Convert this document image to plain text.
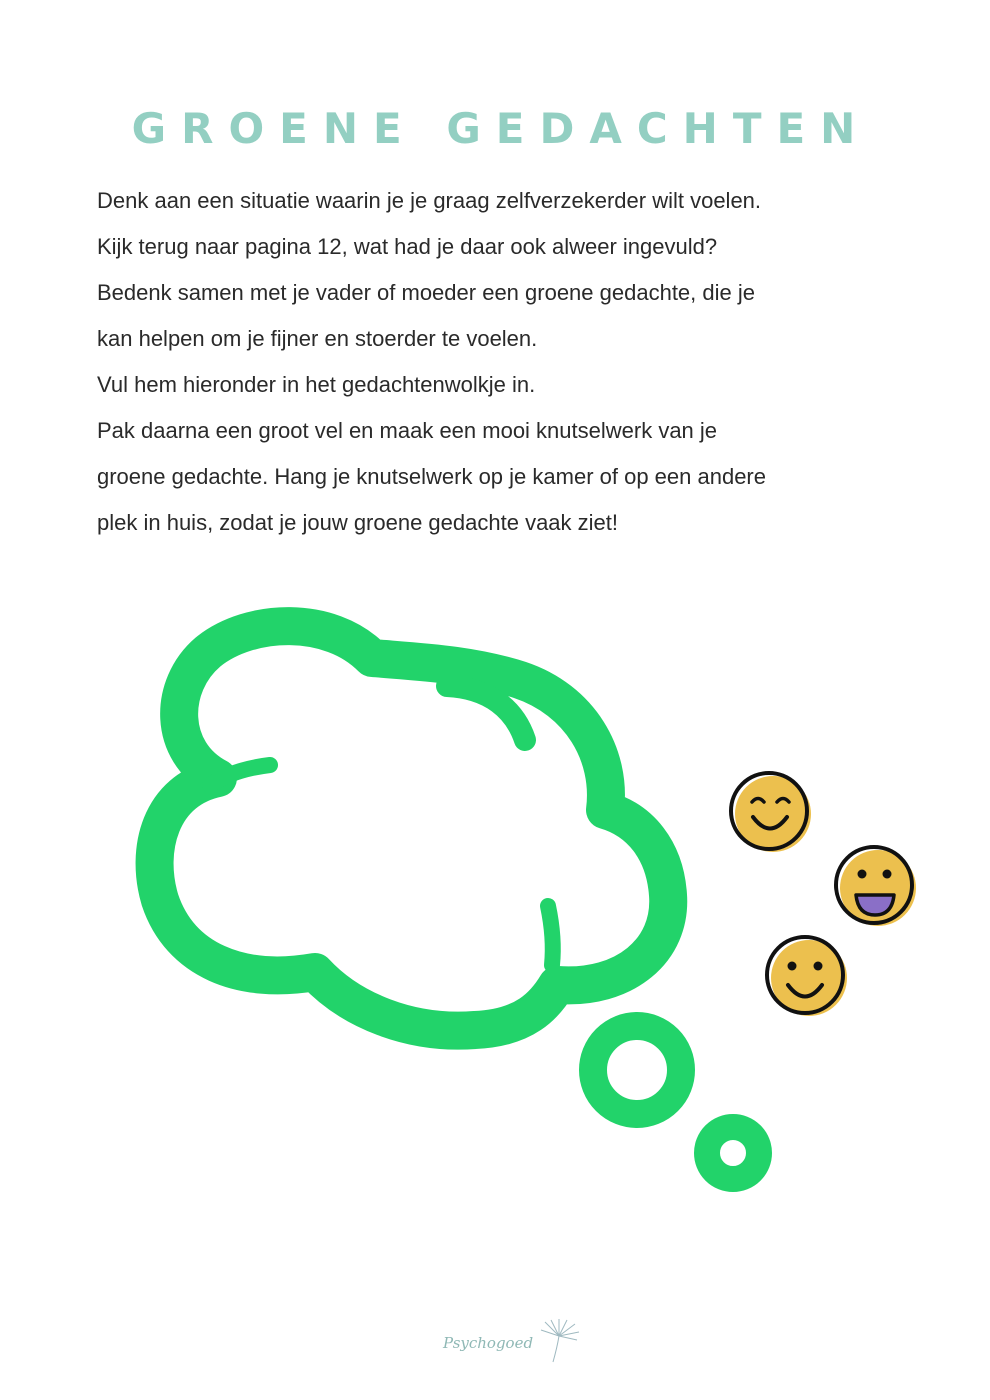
GROENE GEDACHTEN

Denk aan een situatie waarin je je graag zelfverzekerder wilt voelen.

Kijk terug naar pagina 12, wat had je daar ook alweer ingevuld?

Bedenk samen met je vader of moeder een groene gedachte, die je

kan helpen om je fijner en stoerder te voelen.

Vul hem hieronder in het gedachtenwolkje in.

Pak daarna een groot vel en maak een mooi knutselwerk van je

groene gedachte. Hang je knutselwerk op je kamer of op een andere

plek in huis, zodat je jouw groene gedachte vaak ziet!

Psychogoed
